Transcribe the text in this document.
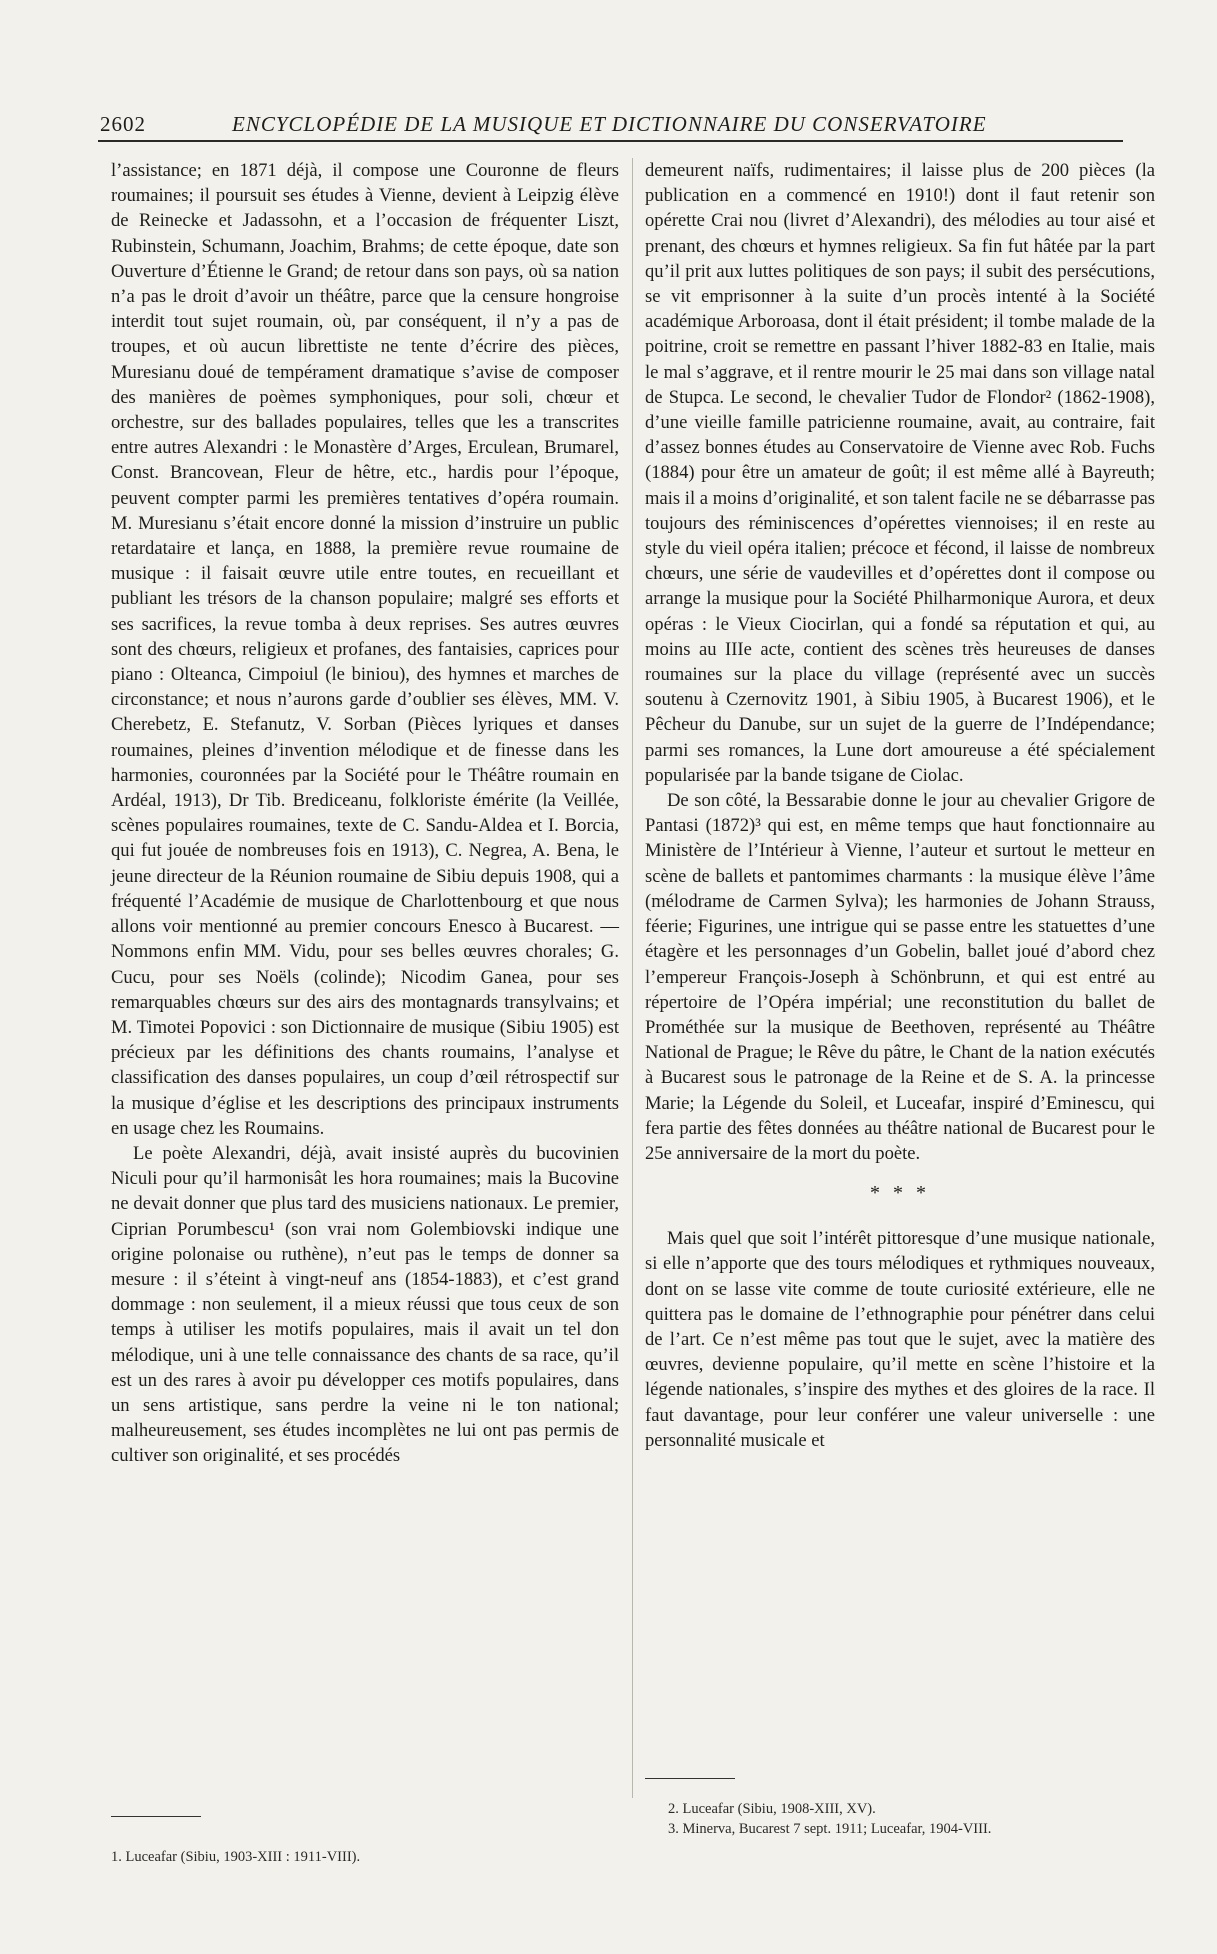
2602	ENCYCLOPÉDIE DE LA MUSIQUE ET DICTIONNAIRE DU CONSERVATOIRE

l’assistance; en 1871 déjà, il compose une Couronne de fleurs roumaines; il poursuit ses études à Vienne, devient à Leipzig élève de Reinecke et Jadassohn, et a l’occasion de fréquenter Liszt, Rubinstein, Schumann, Joachim, Brahms; de cette époque, date son Ouverture d’Étienne le Grand; de retour dans son pays, où sa nation n’a pas le droit d’avoir un théâtre, parce que la censure hongroise interdit tout sujet roumain, où, par conséquent, il n’y a pas de troupes, et où aucun librettiste ne tente d’écrire des pièces, Muresianu doué de tempérament dramatique s’avise de composer des manières de poèmes symphoniques, pour soli, chœur et orchestre, sur des ballades populaires, telles que les a transcrites entre autres Alexandri : le Monastère d’Arges, Erculean, Brumarel, Const. Brancovean, Fleur de hêtre, etc., hardis pour l’époque, peuvent compter parmi les premières tentatives d’opéra roumain. M. Muresianu s’était encore donné la mission d’instruire un public retardataire et lança, en 1888, la première revue roumaine de musique : il faisait œuvre utile entre toutes, en recueillant et publiant les trésors de la chanson populaire; malgré ses efforts et ses sacrifices, la revue tomba à deux reprises. Ses autres œuvres sont des chœurs, religieux et profanes, des fantaisies, caprices pour piano : Olteanca, Cimpoiul (le biniou), des hymnes et marches de circonstance; et nous n’aurons garde d’oublier ses élèves, MM. V. Cherebetz, E. Stefanutz, V. Sorban (Pièces lyriques et danses roumaines, pleines d’invention mélodique et de finesse dans les harmonies, couronnées par la Société pour le Théâtre roumain en Ardéal, 1913), Dr Tib. Brediceanu, folkloriste émérite (la Veillée, scènes populaires roumaines, texte de C. Sandu-Aldea et I. Borcia, qui fut jouée de nombreuses fois en 1913), C. Negrea, A. Bena, le jeune directeur de la Réunion roumaine de Sibiu depuis 1908, qui a fréquenté l’Académie de musique de Charlottenbourg et que nous allons voir mentionné au premier concours Enesco à Bucarest. — Nommons enfin MM. Vidu, pour ses belles œuvres chorales; G. Cucu, pour ses Noëls (colinde); Nicodim Ganea, pour ses remarquables chœurs sur des airs des montagnards transylvains; et M. Timotei Popovici : son Dictionnaire de musique (Sibiu 1905) est précieux par les définitions des chants roumains, l’analyse et classification des danses populaires, un coup d’œil rétrospectif sur la musique d’église et les descriptions des principaux instruments en usage chez les Roumains.

Le poète Alexandri, déjà, avait insisté auprès du bucovinien Niculi pour qu’il harmonisât les hora roumaines; mais la Bucovine ne devait donner que plus tard des musiciens nationaux. Le premier, Ciprian Porumbescu¹ (son vrai nom Golembiovski indique une origine polonaise ou ruthène), n’eut pas le temps de donner sa mesure : il s’éteint à vingt-neuf ans (1854-1883), et c’est grand dommage : non seulement, il a mieux réussi que tous ceux de son temps à utiliser les motifs populaires, mais il avait un tel don mélodique, uni à une telle connaissance des chants de sa race, qu’il est un des rares à avoir pu développer ces motifs populaires, dans un sens artistique, sans perdre la veine ni le ton national; malheureusement, ses études incomplètes ne lui ont pas permis de cultiver son originalité, et ses procédés

demeurent naïfs, rudimentaires; il laisse plus de 200 pièces (la publication en a commencé en 1910!) dont il faut retenir son opérette Crai nou (livret d’Alexandri), des mélodies au tour aisé et prenant, des chœurs et hymnes religieux. Sa fin fut hâtée par la part qu’il prit aux luttes politiques de son pays; il subit des persécutions, se vit emprisonner à la suite d’un procès intenté à la Société académique Arboroasa, dont il était président; il tombe malade de la poitrine, croit se remettre en passant l’hiver 1882-83 en Italie, mais le mal s’aggrave, et il rentre mourir le 25 mai dans son village natal de Stupca. Le second, le chevalier Tudor de Flondor² (1862-1908), d’une vieille famille patricienne roumaine, avait, au contraire, fait d’assez bonnes études au Conservatoire de Vienne avec Rob. Fuchs (1884) pour être un amateur de goût; il est même allé à Bayreuth; mais il a moins d’originalité, et son talent facile ne se débarrasse pas toujours des réminiscences d’opérettes viennoises; il en reste au style du vieil opéra italien; précoce et fécond, il laisse de nombreux chœurs, une série de vaudevilles et d’opérettes dont il compose ou arrange la musique pour la Société Philharmonique Aurora, et deux opéras : le Vieux Ciocirlan, qui a fondé sa réputation et qui, au moins au IIIe acte, contient des scènes très heureuses de danses roumaines sur la place du village (représenté avec un succès soutenu à Czernovitz 1901, à Sibiu 1905, à Bucarest 1906), et le Pêcheur du Danube, sur un sujet de la guerre de l’Indépendance; parmi ses romances, la Lune dort amoureuse a été spécialement popularisée par la bande tsigane de Ciolac.

De son côté, la Bessarabie donne le jour au chevalier Grigore de Pantasi (1872)³ qui est, en même temps que haut fonctionnaire au Ministère de l’Intérieur à Vienne, l’auteur et surtout le metteur en scène de ballets et pantomimes charmants : la musique élève l’âme (mélodrame de Carmen Sylva); les harmonies de Johann Strauss, féerie; Figurines, une intrigue qui se passe entre les statuettes d’une étagère et les personnages d’un Gobelin, ballet joué d’abord chez l’empereur François-Joseph à Schönbrunn, et qui est entré au répertoire de l’Opéra impérial; une reconstitution du ballet de Prométhée sur la musique de Beethoven, représenté au Théâtre National de Prague; le Rêve du pâtre, le Chant de la nation exécutés à Bucarest sous le patronage de la Reine et de S. A. la princesse Marie; la Légende du Soleil, et Luceafar, inspiré d’Eminescu, qui fera partie des fêtes données au théâtre national de Bucarest pour le 25e anniversaire de la mort du poète.

* * *

Mais quel que soit l’intérêt pittoresque d’une musique nationale, si elle n’apporte que des tours mélodiques et rythmiques nouveaux, dont on se lasse vite comme de toute curiosité extérieure, elle ne quittera pas le domaine de l’ethnographie pour pénétrer dans celui de l’art. Ce n’est même pas tout que le sujet, avec la matière des œuvres, devienne populaire, qu’il mette en scène l’histoire et la légende nationales, s’inspire des mythes et des gloires de la race. Il faut davantage, pour leur conférer une valeur universelle : une personnalité musicale et

1. Luceafar (Sibiu, 1903-XIII : 1911-VIII).
2. Luceafar (Sibiu, 1908-XIII, XV).
3. Minerva, Bucarest 7 sept. 1911; Luceafar, 1904-VIII.
